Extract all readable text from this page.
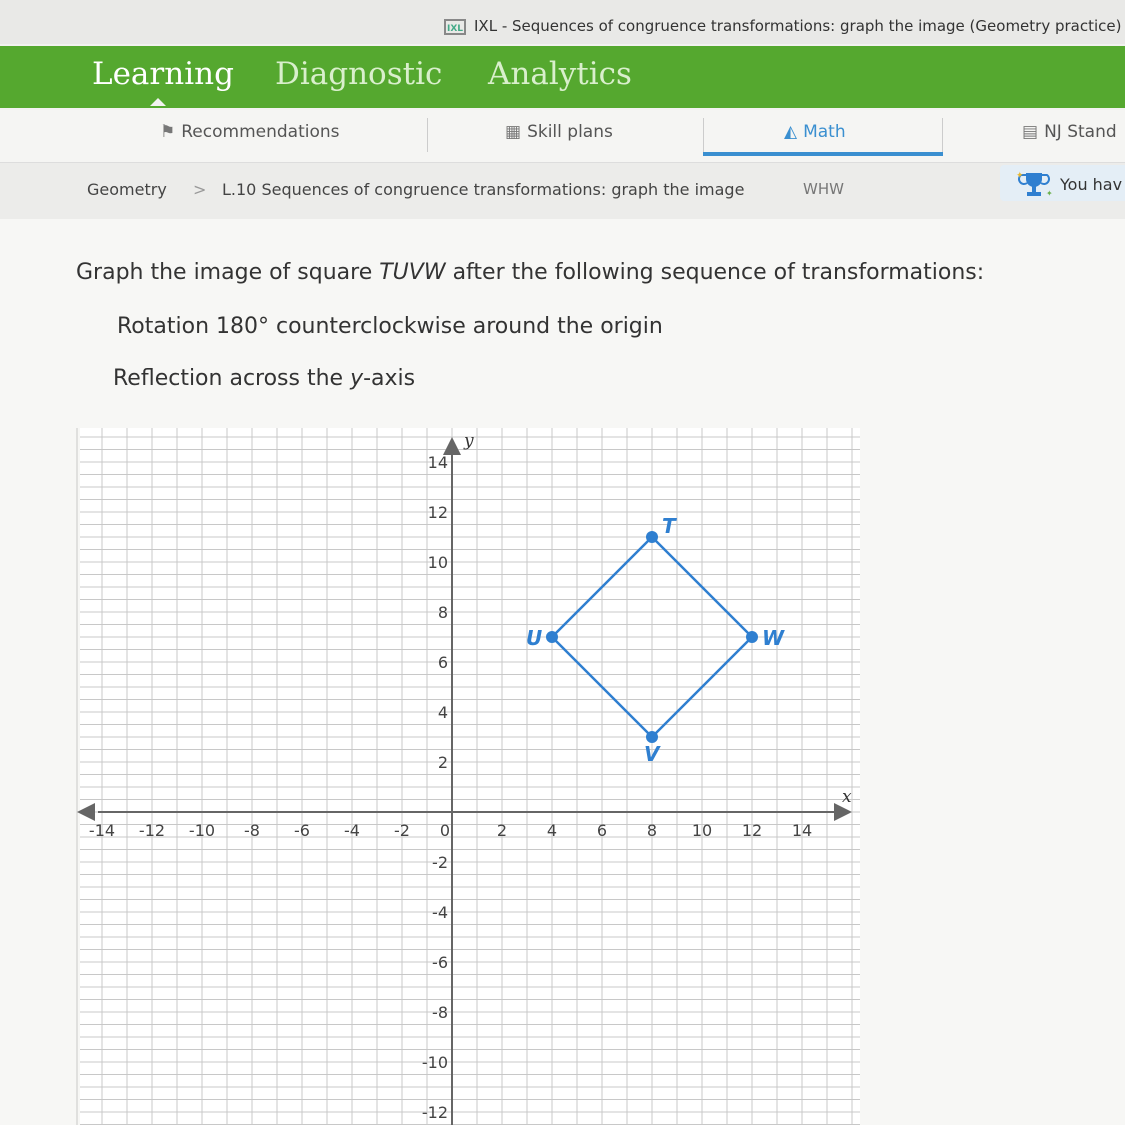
IXL IXL - Sequences of congruence transformations: graph the image (Geometry practice)
Learning Diagnostic Analytics
⚑ Recommendations	▦ Skill plans	◭ Math	▤ NJ Stand
Geometry > L.10 Sequences of congruence transformations: graph the image	WHW
✦
✦ You hav
Graph the image of square TUVW after the following sequence of transformations:
Rotation 180° counterclockwise around the origin
Reflection across the y-axis
x
y
-14 -12 -10 -8 -6 -4 -2 0	2 4 6 8 10 12 14
14
12
10
8
6
4
2
-2
-4
-6
-8
-10
-12
T
U
V
W
